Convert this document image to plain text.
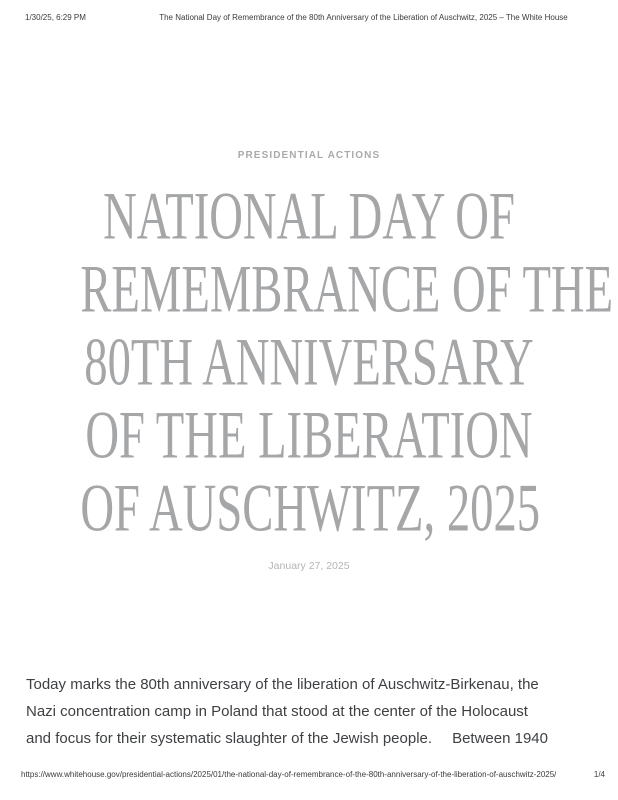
1/30/25, 6:29 PM	The National Day of Remembrance of the 80th Anniversary of the Liberation of Auschwitz, 2025 – The White House
PRESIDENTIAL ACTIONS
NATIONAL DAY OF
REMEMBRANCE OF THE
80TH ANNIVERSARY
OF THE LIBERATION
OF AUSCHWITZ, 2025
January 27, 2025

Today marks the 80th anniversary of the liberation of Auschwitz-Birkenau, the Nazi concentration camp in Poland that stood at the center of the Holocaust and focus for their systematic slaughter of the Jewish people. Between 1940

https://www.whitehouse.gov/presidential-actions/2025/01/the-national-day-of-remembrance-of-the-80th-anniversary-of-the-liberation-of-auschwitz-2025/	1/4
